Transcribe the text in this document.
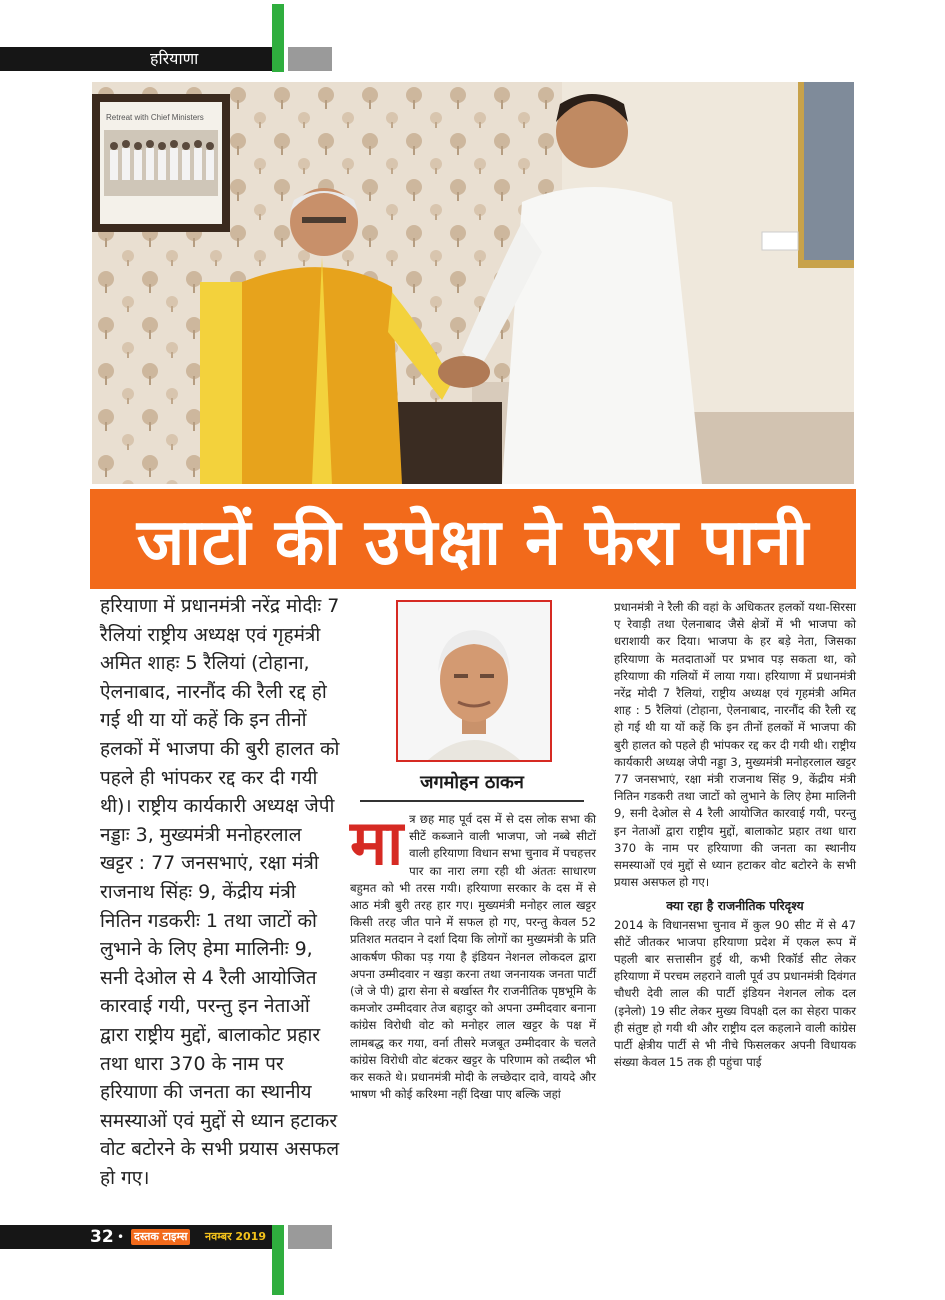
हरियाणा
Retreat with Chief Ministers
जाटों की उपेक्षा ने फेरा पानी

हरियाणा में प्रधानमंत्री नरेंद्र मोदीः 7 रैलियां राष्ट्रीय अध्यक्ष एवं गृहमंत्री अमित शाहः 5 रैलियां (टोहाना, ऐलनाबाद, नारनौंद की रैली रद्द हो गई थी या यों कहें कि इन तीनों हलकों में भाजपा की बुरी हालत को पहले ही भांपकर रद्द कर दी गयी थी)। राष्ट्रीय कार्यकारी अध्यक्ष जेपी नड्डाः 3, मुख्यमंत्री मनोहरलाल खट्टर : 77 जनसभाएं, रक्षा मंत्री राजनाथ सिंहः 9, केंद्रीय मंत्री नितिन गडकरीः 1 तथा जाटों को लुभाने के लिए हेमा मालिनीः 9, सनी देओल से 4 रैली आयोजित कारवाई गयी, परन्तु इन नेताओं द्वारा राष्ट्रीय मुद्दों, बालाकोट प्रहार तथा धारा 370 के नाम पर हरियाणा की जनता का स्थानीय समस्याओं एवं मुद्दों से ध्यान हटाकर वोट बटोरने के सभी प्रयास असफल हो गए।

जगमोहन ठाकन

मात्र छह माह पूर्व दस में से दस लोक सभा की सीटें कब्जाने वाली भाजपा, जो नब्बे सीटों वाली हरियाणा विधान सभा चुनाव में पचहत्तर पार का नारा लगा रही थी अंततः साधारण बहुमत को भी तरस गयी। हरियाणा सरकार के दस में से आठ मंत्री बुरी तरह हार गए। मुख्यमंत्री मनोहर लाल खट्टर किसी तरह जीत पाने में सफल हो गए, परन्तु केवल 52 प्रतिशत मतदान ने दर्शा दिया कि लोगों का मुख्यमंत्री के प्रति आकर्षण फीका पड़ गया है इंडियन नेशनल लोकदल द्वारा अपना उम्मीदवार न खड़ा करना तथा जननायक जनता पार्टी (जे जे पी) द्वारा सेना से बर्खास्त गैर राजनीतिक पृष्ठभूमि के कमजोर उम्मीदवार तेज बहादुर को अपना उम्मीदवार बनाना कांग्रेस विरोधी वोट को मनोहर लाल खट्टर के पक्ष में लामबद्ध कर गया, वर्ना तीसरे मजबूत उम्मीदवार के चलते कांग्रेस विरोधी वोट बंटकर खट्टर के परिणाम को तब्दील भी कर सकते थे। प्रधानमंत्री मोदी के लच्छेदार दावे, वायदे और भाषण भी कोई करिश्मा नहीं दिखा पाए बल्कि जहां

प्रधानमंत्री ने रैली की वहां के अधिकतर हलकों यथा-सिरसा ए रेवाड़ी तथा ऐलनाबाद जैसे क्षेत्रों में भी भाजपा को धराशायी कर दिया। भाजपा के हर बड़े नेता, जिसका हरियाणा के मतदाताओं पर प्रभाव पड़ सकता था, को हरियाणा की गलियों में लाया गया। हरियाणा में प्रधानमंत्री नरेंद्र मोदी 7 रैलियां, राष्ट्रीय अध्यक्ष एवं गृहमंत्री अमित शाह : 5 रैलियां (टोहाना, ऐलनाबाद, नारनौंद की रैली रद्द हो गई थी या यों कहें कि इन तीनों हलकों में भाजपा की बुरी हालत को पहले ही भांपकर रद्द कर दी गयी थी। राष्ट्रीय कार्यकारी अध्यक्ष जेपी नड्डा 3, मुख्यमंत्री मनोहरलाल खट्टर 77 जनसभाएं, रक्षा मंत्री राजनाथ सिंह 9, केंद्रीय मंत्री नितिन गडकरी तथा जाटों को लुभाने के लिए हेमा मालिनी 9, सनी देओल से 4 रैली आयोजित कारवाई गयी, परन्तु इन नेताओं द्वारा राष्ट्रीय मुद्दों, बालाकोट प्रहार तथा धारा 370 के नाम पर हरियाणा की जनता का स्थानीय समस्याओं एवं मुद्दों से ध्यान हटाकर वोट बटोरने के सभी प्रयास असफल हो गए।

क्या रहा है राजनीतिक परिदृश्य

2014 के विधानसभा चुनाव में कुल 90 सीट में से 47 सीटें जीतकर भाजपा हरियाणा प्रदेश में एकल रूप में पहली बार सत्तासीन हुई थी, कभी रिकॉर्ड सीट लेकर हरियाणा में परचम लहराने वाली पूर्व उप प्रधानमंत्री दिवंगत चौधरी देवी लाल की पार्टी इंडियन नेशनल लोक दल (इनेलो) 19 सीट लेकर मुख्य विपक्षी दल का सेहरा पाकर ही संतुष्ट हो गयी थी और राष्ट्रीय दल कहलाने वाली कांग्रेस पार्टी क्षेत्रीय पार्टी से भी नीचे फिसलकर अपनी विधायक संख्या केवल 15 तक ही पहुंचा पाई

32 • दस्तक टाइम्स नवम्बर 2019
